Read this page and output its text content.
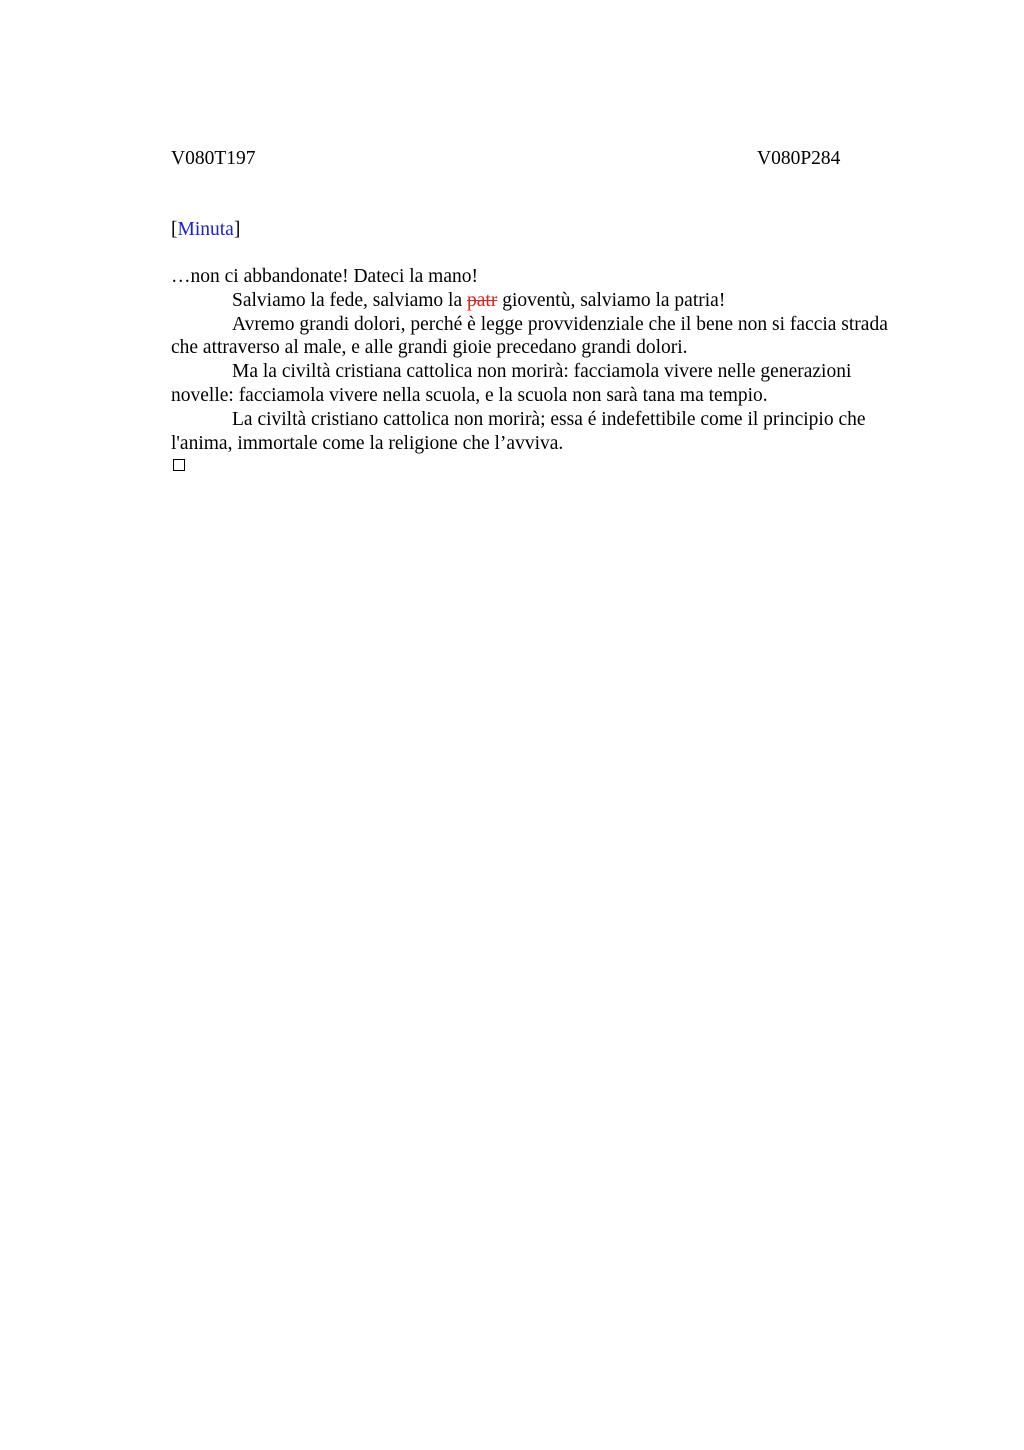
V080T197	V080P284
[Minuta]

…non ci abbandonate! Dateci la mano!

Salviamo la fede, salviamo la patr gioventù, salviamo la patria!

Avremo grandi dolori, perché è legge provvidenziale che il bene non si faccia strada che attraverso al male, e alle grandi gioie precedano grandi dolori.

Ma la civiltà cristiana cattolica non morirà: facciamola vivere nelle generazioni novelle: facciamola vivere nella scuola, e la scuola non sarà tana ma tempio.

La civiltà cristiano cattolica non morirà; essa é indefettibile come il principio che l'anima, immortale come la religione che l’avviva.
